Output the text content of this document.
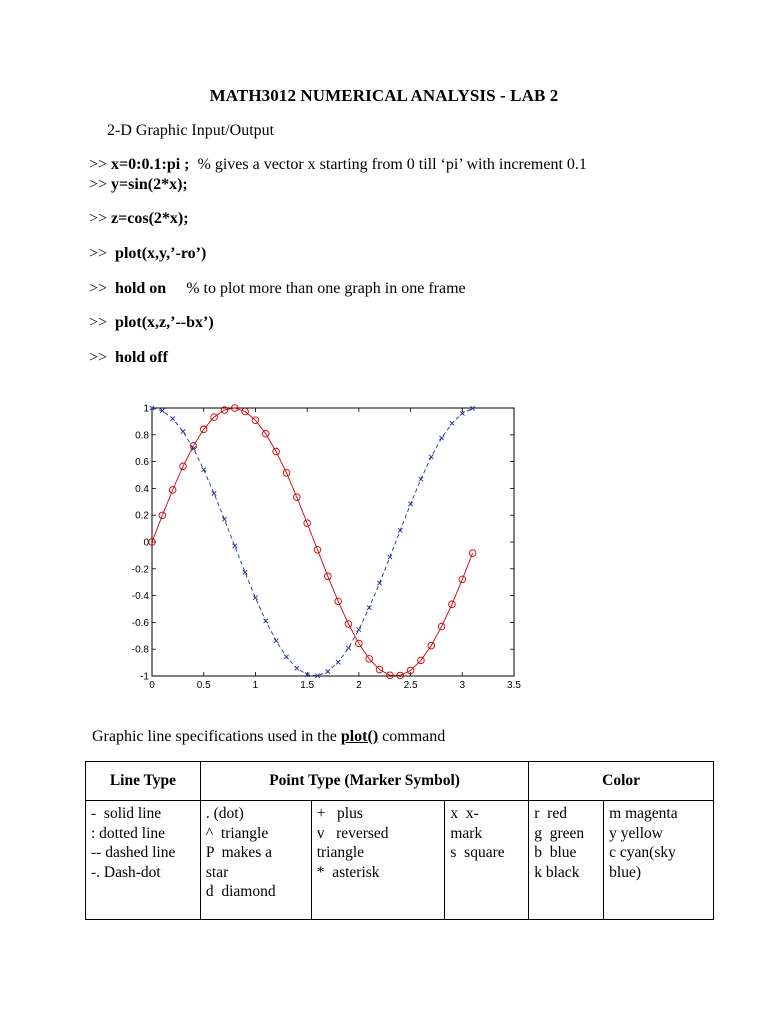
MATH3012 NUMERICAL ANALYSIS - LAB 2
2-D Graphic Input/Output
>> x=0:0.1:pi ;  % gives a vector x starting from 0 till ‘pi’ with increment 0.1
>> y=sin(2*x);
>> z=cos(2*x);
>>  plot(x,y,’-ro’)
>>  hold on     % to plot more than one graph in one frame
>>  plot(x,z,’--bx’)
>>  hold off
0	0.5	1	1.5	2	2.5	3	3.5
1
0.8
0.6
0.4
0.2
0
-0.2
-0.4
-0.6
-0.8
-1
Graphic line specifications used in the plot() command
Line Type	Point Type (Marker Symbol)			Color	

-  solid line
: dotted line
-- dashed line
-. Dash-dot	. (dot)
^  triangle
P  makes a
star
d  diamond	+   plus
v   reversed
triangle
*  asterisk	x  x-
mark
s  square	r  red
g  green
b  blue
k black	m magenta
y yellow
c cyan(sky
blue)
